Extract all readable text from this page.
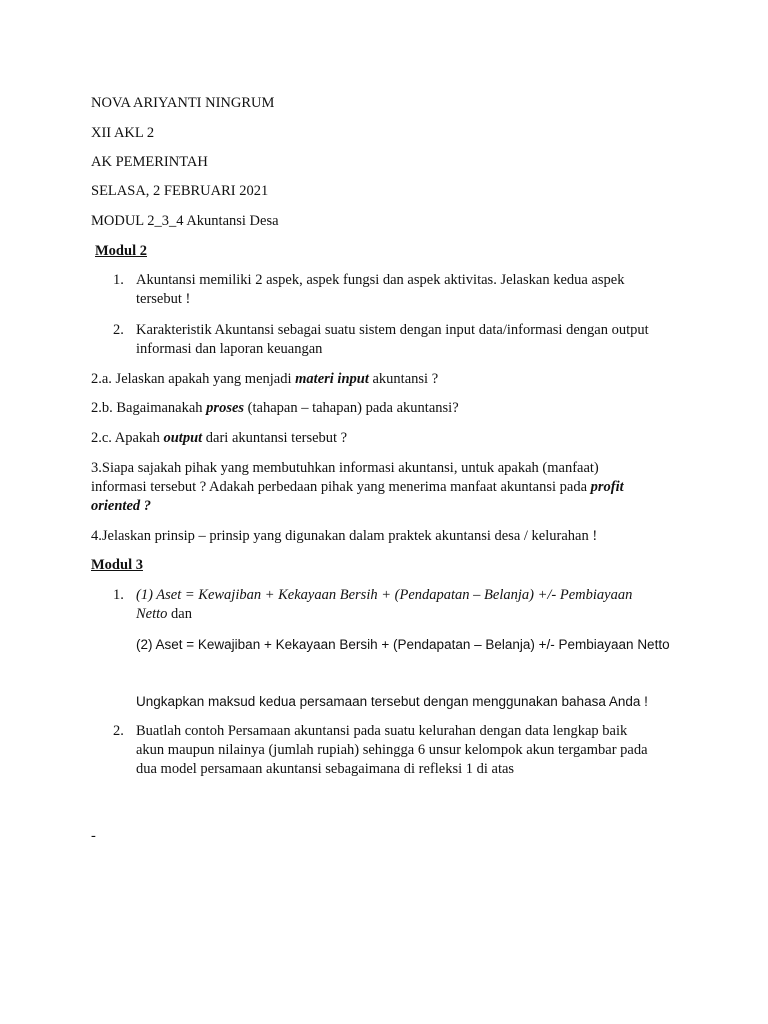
NOVA ARIYANTI NINGRUM
XII AKL 2
AK PEMERINTAH
SELASA, 2 FEBRUARI 2021
MODUL 2_3_4 Akuntansi Desa
Modul 2
1. Akuntansi memiliki 2 aspek, aspek fungsi dan aspek aktivitas. Jelaskan kedua aspek
tersebut !
2. Karakteristik Akuntansi sebagai suatu sistem dengan input data/informasi dengan output
informasi dan laporan keuangan
2.a. Jelaskan apakah yang menjadi materi input akuntansi ?
2.b. Bagaimanakah proses (tahapan – tahapan) pada akuntansi?
2.c. Apakah output dari akuntansi tersebut ?
3.Siapa sajakah pihak yang membutuhkan informasi akuntansi, untuk apakah (manfaat)
informasi tersebut ? Adakah perbedaan pihak yang menerima manfaat akuntansi pada profit
oriented ?
4.Jelaskan prinsip – prinsip yang digunakan dalam praktek akuntansi desa / kelurahan !
Modul 3
1. (1) Aset = Kewajiban + Kekayaan Bersih + (Pendapatan – Belanja) +/- Pembiayaan
Netto dan
(2) Aset = Kewajiban + Kekayaan Bersih + (Pendapatan – Belanja) +/- Pembiayaan Netto
Ungkapkan maksud kedua persamaan tersebut dengan menggunakan bahasa Anda !
2. Buatlah contoh Persamaan akuntansi pada suatu kelurahan dengan data lengkap baik
akun maupun nilainya (jumlah rupiah) sehingga 6 unsur kelompok akun tergambar pada
dua model persamaan akuntansi sebagaimana di refleksi 1 di atas
-
